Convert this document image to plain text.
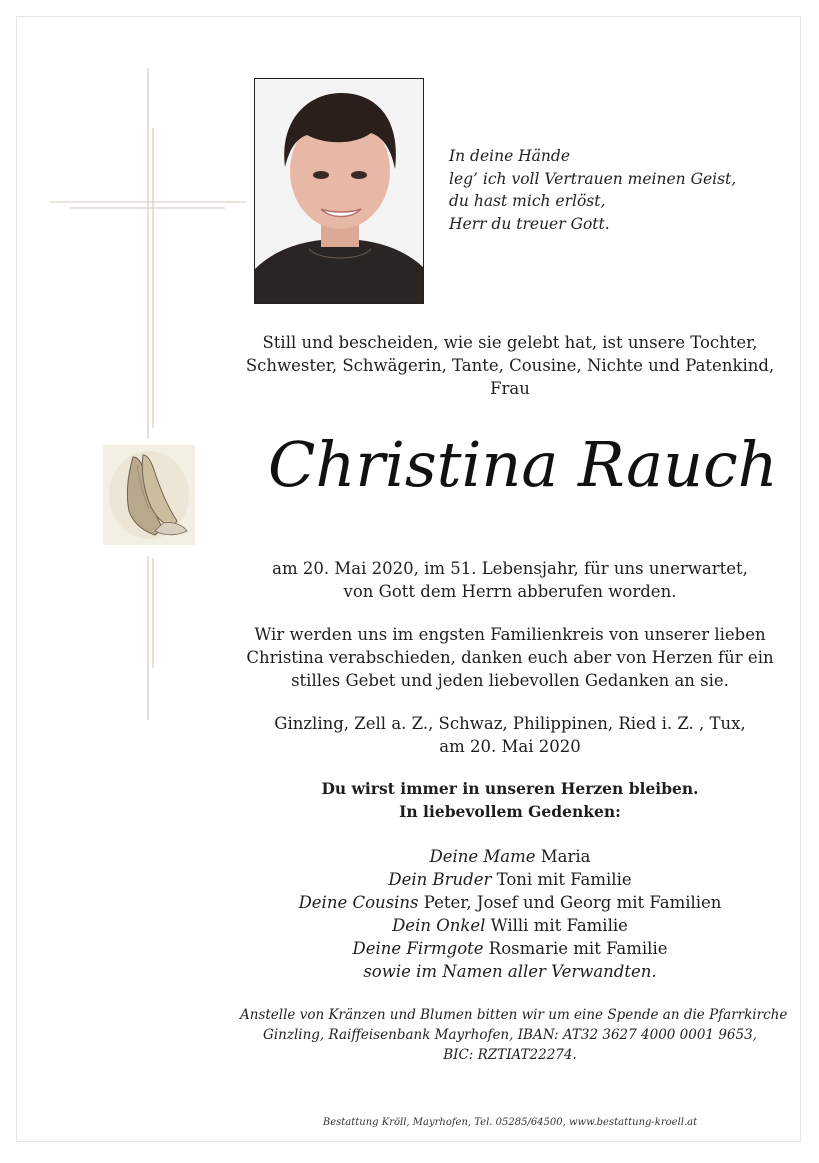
In deine Hände
leg’ ich voll Vertrauen meinen Geist,
du hast mich erlöst,
Herr du treuer Gott.
Still und bescheiden, wie sie gelebt hat, ist unsere Tochter,
Schwester, Schwägerin, Tante, Cousine, Nichte und Patenkind,
Frau
Christina Rauch
am 20. Mai 2020, im 51. Lebensjahr, für uns unerwartet,
von Gott dem Herrn abberufen worden.
Wir werden uns im engsten Familienkreis von unserer lieben
Christina verabschieden, danken euch aber von Herzen für ein
stilles Gebet und jeden liebevollen Gedanken an sie.
Ginzling, Zell a. Z., Schwaz, Philippinen, Ried i. Z. , Tux,
am 20. Mai 2020
Du wirst immer in unseren Herzen bleiben.
In liebevollem Gedenken:
Deine Mame Maria
Dein Bruder Toni mit Familie
Deine Cousins Peter, Josef und Georg mit Familien
Dein Onkel Willi mit Familie
Deine Firmgote Rosmarie mit Familie
sowie im Namen aller Verwandten.
Anstelle von Kränzen und Blumen bitten wir um eine Spende an die Pfarrkirche
Ginzling, Raiffeisenbank Mayrhofen, IBAN: AT32 3627 4000 0001 9653,
BIC: RZTIAT22274.
Bestattung Kröll, Mayrhofen, Tel. 05285/64500, www.bestattung-kroell.at
